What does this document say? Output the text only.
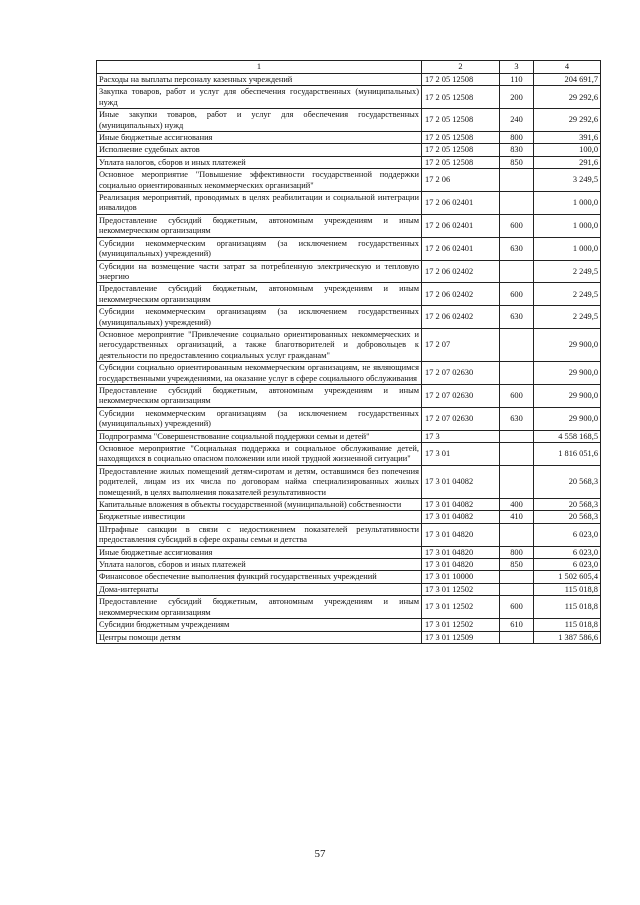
1	2	3	4
Расходы на выплаты персоналу казенных учреждений	17 2 05 12508	110	204 691,7
Закупка товаров, работ и услуг для обеспечения государственных (муниципальных) нужд	17 2 05 12508	200	29 292,6
Иные закупки товаров, работ и услуг для обеспечения государственных (муниципальных) нужд	17 2 05 12508	240	29 292,6
Иные бюджетные ассигнования	17 2 05 12508	800	391,6
Исполнение судебных актов	17 2 05 12508	830	100,0
Уплата налогов, сборов и иных платежей	17 2 05 12508	850	291,6
Основное мероприятие "Повышение эффективности государственной поддержки социально ориентированных некоммерческих организаций"	17 2 06		3 249,5
Реализация мероприятий, проводимых в целях реабилитации и социальной интеграции инвалидов	17 2 06 02401		1 000,0
Предоставление субсидий бюджетным, автономным учреждениям и иным некоммерческим организациям	17 2 06 02401	600	1 000,0
Субсидии некоммерческим организациям (за исключением государственных (муниципальных) учреждений)	17 2 06 02401	630	1 000,0
Субсидии на возмещение части затрат за потребленную электрическую и тепловую энергию	17 2 06 02402		2 249,5
Предоставление субсидий бюджетным, автономным учреждениям и иным некоммерческим организациям	17 2 06 02402	600	2 249,5
Субсидии некоммерческим организациям (за исключением государственных (муниципальных) учреждений)	17 2 06 02402	630	2 249,5
Основное мероприятие "Привлечение социально ориентированных некоммерческих и негосударственных организаций, а также благотворителей и добровольцев к деятельности по предоставлению социальных услуг гражданам"	17 2 07		29 900,0
Субсидии социально ориентированным некоммерческим организациям, не являющимся государственными учреждениями, на оказание услуг в сфере социального обслуживания	17 2 07 02630		29 900,0
Предоставление субсидий бюджетным, автономным учреждениям и иным некоммерческим организациям	17 2 07 02630	600	29 900,0
Субсидии некоммерческим организациям (за исключением государственных (муниципальных) учреждений)	17 2 07 02630	630	29 900,0
Подпрограмма "Совершенствование социальной поддержки семьи и детей"	17 3		4 558 168,5
Основное мероприятие "Социальная поддержка и социальное обслуживание детей, находящихся в социально опасном положении или иной трудной жизненной ситуации"	17 3 01		1 816 051,6
Предоставление жилых помещений детям-сиротам и детям, оставшимся без попечения родителей, лицам из их числа по договорам найма специализированных жилых помещений, в целях выполнения показателей результативности	17 3 01 04082		20 568,3
Капитальные вложения в объекты государственной (муниципальной) собственности	17 3 01 04082	400	20 568,3
Бюджетные инвестиции	17 3 01 04082	410	20 568,3
Штрафные санкции в связи с недостижением показателей результативности предоставления субсидий в сфере охраны семьи и детства	17 3 01 04820		6 023,0
Иные бюджетные ассигнования	17 3 01 04820	800	6 023,0
Уплата налогов, сборов и иных платежей	17 3 01 04820	850	6 023,0
Финансовое обеспечение выполнения функций государственных учреждений	17 3 01 10000		1 502 605,4
Дома-интернаты	17 3 01 12502		115 018,8
Предоставление субсидий бюджетным, автономным учреждениям и иным некоммерческим организациям	17 3 01 12502	600	115 018,8
Субсидии бюджетным учреждениям	17 3 01 12502	610	115 018,8
Центры помощи детям	17 3 01 12509		1 387 586,6
57
